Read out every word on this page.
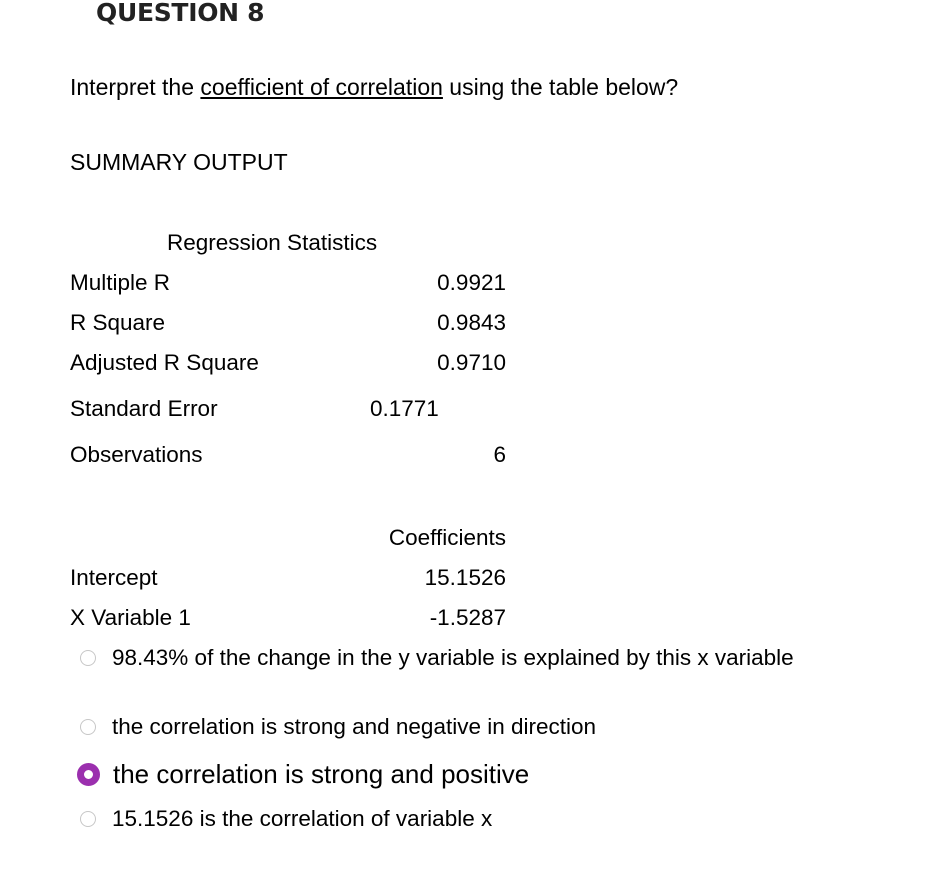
QUESTION 8
Interpret the coefficient of correlation using the table below?
SUMMARY OUTPUT
Regression Statistics
Multiple R	0.9921
R Square	0.9843
Adjusted R Square	0.9710
Standard Error	0.1771
Observations	6
Coefficients
Intercept	15.1526
X Variable 1	-1.5287
98.43% of the change in the y variable is explained by this x variable
the correlation is strong and negative in direction
the correlation is strong and positive
15.1526 is the correlation of variable x
